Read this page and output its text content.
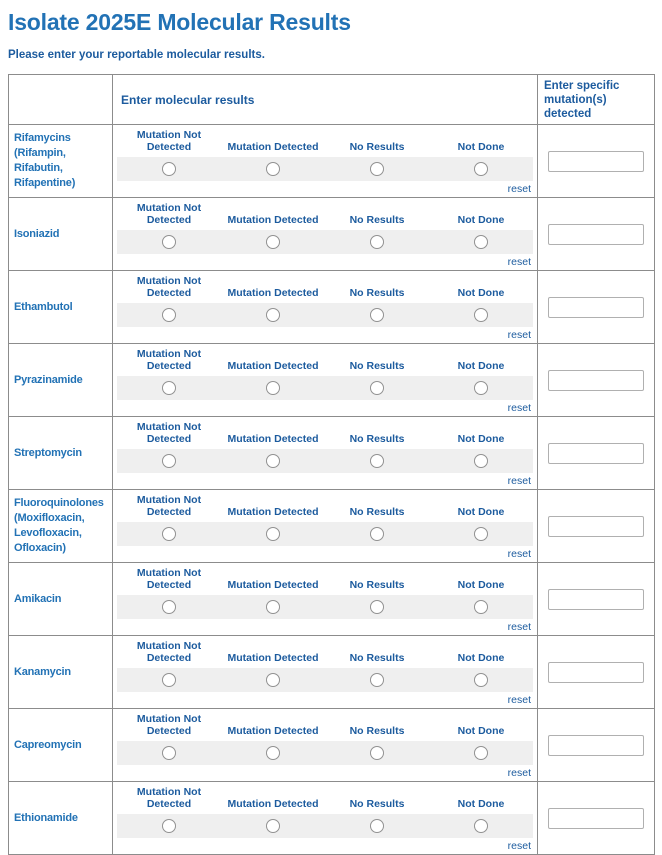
Isolate 2025E Molecular Results
Please enter your reportable molecular results.
	Enter molecular results	Enter specific mutation(s) detected
Rifamycins (Rifampin, Rifabutin, Rifapentine)	Mutation Not Detected Mutation Detected No Results Not Done
reset

Isoniazid	Mutation Not Detected Mutation Detected No Results Not Done
reset

Ethambutol	Mutation Not Detected Mutation Detected No Results Not Done
reset

Pyrazinamide	Mutation Not Detected Mutation Detected No Results Not Done
reset

Streptomycin	Mutation Not Detected Mutation Detected No Results Not Done
reset

Fluoroquinolones (Moxifloxacin, Levofloxacin, Ofloxacin)	Mutation Not Detected Mutation Detected No Results Not Done
reset

Amikacin	Mutation Not Detected Mutation Detected No Results Not Done
reset

Kanamycin	Mutation Not Detected Mutation Detected No Results Not Done
reset

Capreomycin	Mutation Not Detected Mutation Detected No Results Not Done
reset

Ethionamide	Mutation Not Detected Mutation Detected No Results Not Done
reset
